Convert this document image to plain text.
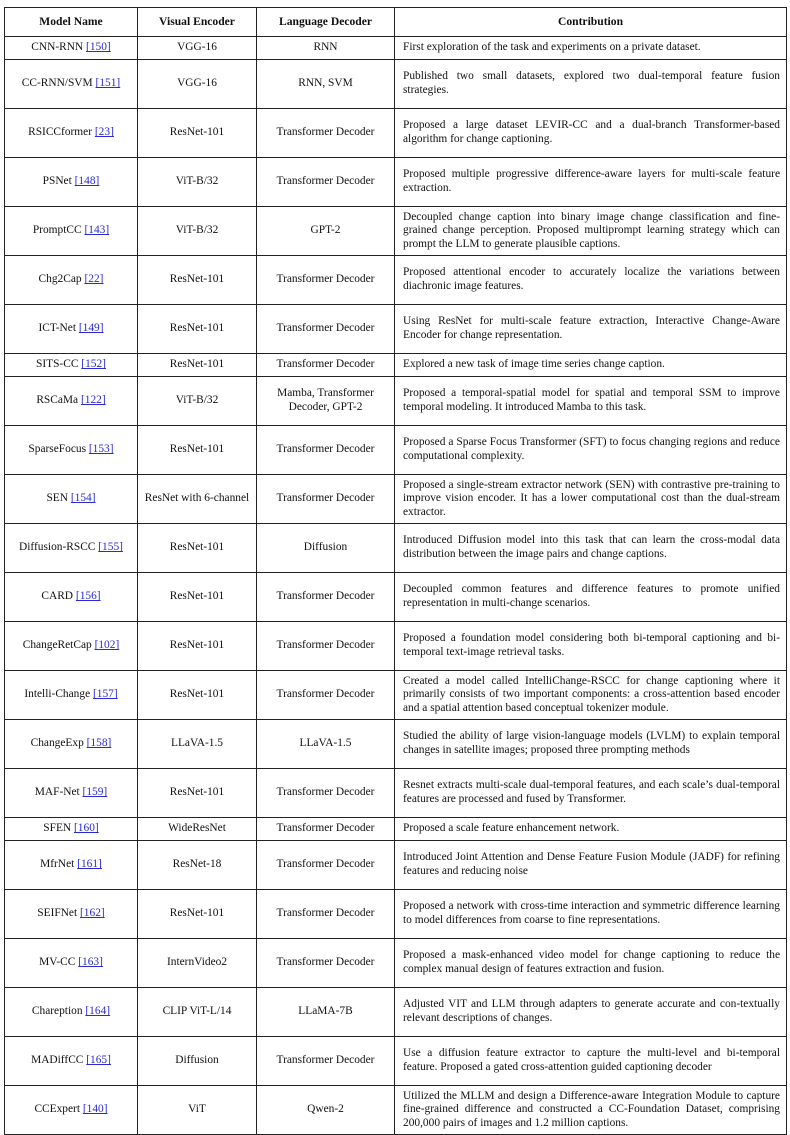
Model Name	Visual Encoder	Language Decoder	Contribution
CNN-RNN [150]	VGG-16	RNN	First exploration of the task and experiments on a private dataset.
CC-RNN/SVM [151]	VGG-16	RNN, SVM	Published two small datasets, explored two dual-temporal feature fusion strategies.
RSICCformer [23]	ResNet-101	Transformer Decoder	Proposed a large dataset LEVIR-CC and a dual-branch Transformer-based algorithm for change captioning.
PSNet [148]	ViT-B/32	Transformer Decoder	Proposed multiple progressive difference-aware layers for multi-scale feature extraction.
PromptCC [143]	ViT-B/32	GPT-2	Decoupled change caption into binary image change classification and fine-grained change perception. Proposed multiprompt learning strategy which can prompt the LLM to generate plausible captions.
Chg2Cap [22]	ResNet-101	Transformer Decoder	Proposed attentional encoder to accurately localize the variations between diachronic image features.
ICT-Net [149]	ResNet-101	Transformer Decoder	Using ResNet for multi-scale feature extraction, Interactive Change-Aware Encoder for change representation.
SITS-CC [152]	ResNet-101	Transformer Decoder	Explored a new task of image time series change caption.
RSCaMa [122]	ViT-B/32	Mamba, Transformer Decoder, GPT-2	Proposed a temporal-spatial model for spatial and temporal SSM to improve temporal modeling. It introduced Mamba to this task.
SparseFocus [153]	ResNet-101	Transformer Decoder	Proposed a Sparse Focus Transformer (SFT) to focus changing regions and reduce computational complexity.
SEN [154]	ResNet with 6-channel	Transformer Decoder	Proposed a single-stream extractor network (SEN) with contrastive pre-training to improve vision encoder. It has a lower computational cost than the dual-stream extractor.
Diffusion-RSCC [155]	ResNet-101	Diffusion	Introduced Diffusion model into this task that can learn the cross-modal data distribution between the image pairs and change captions.
CARD [156]	ResNet-101	Transformer Decoder	Decoupled common features and difference features to promote unified representation in multi-change scenarios.
ChangeRetCap [102]	ResNet-101	Transformer Decoder	Proposed a foundation model considering both bi-temporal captioning and bi-temporal text-image retrieval tasks.
Intelli-Change [157]	ResNet-101	Transformer Decoder	Created a model called IntelliChange-RSCC for change captioning where it primarily consists of two important components: a cross-attention based encoder and a spatial attention based conceptual tokenizer module.
ChangeExp [158]	LLaVA-1.5	LLaVA-1.5	Studied the ability of large vision-language models (LVLM) to explain temporal changes in satellite images; proposed three prompting methods
MAF-Net [159]	ResNet-101	Transformer Decoder	Resnet extracts multi-scale dual-temporal features, and each scale’s dual-temporal features are processed and fused by Transformer.
SFEN [160]	WideResNet	Transformer Decoder	Proposed a scale feature enhancement network.
MfrNet [161]	ResNet-18	Transformer Decoder	Introduced Joint Attention and Dense Feature Fusion Module (JADF) for refining features and reducing noise
SEIFNet [162]	ResNet-101	Transformer Decoder	Proposed a network with cross-time interaction and symmetric difference learning to model differences from coarse to fine representations.
MV-CC [163]	InternVideo2	Transformer Decoder	Proposed a mask-enhanced video model for change captioning to reduce the complex manual design of features extraction and fusion.
Chareption [164]	CLIP ViT-L/14	LLaMA-7B	Adjusted VIT and LLM through adapters to generate accurate and con-textually relevant descriptions of changes.
MADiffCC [165]	Diffusion	Transformer Decoder	Use a diffusion feature extractor to capture the multi-level and bi-temporal feature. Proposed a gated cross-attention guided captioning decoder
CCExpert [140]	ViT	Qwen-2	Utilized the MLLM and design a Difference-aware Integration Module to capture fine-grained difference and constructed a CC-Foundation Dataset, comprising 200,000 pairs of images and 1.2 million captions.
